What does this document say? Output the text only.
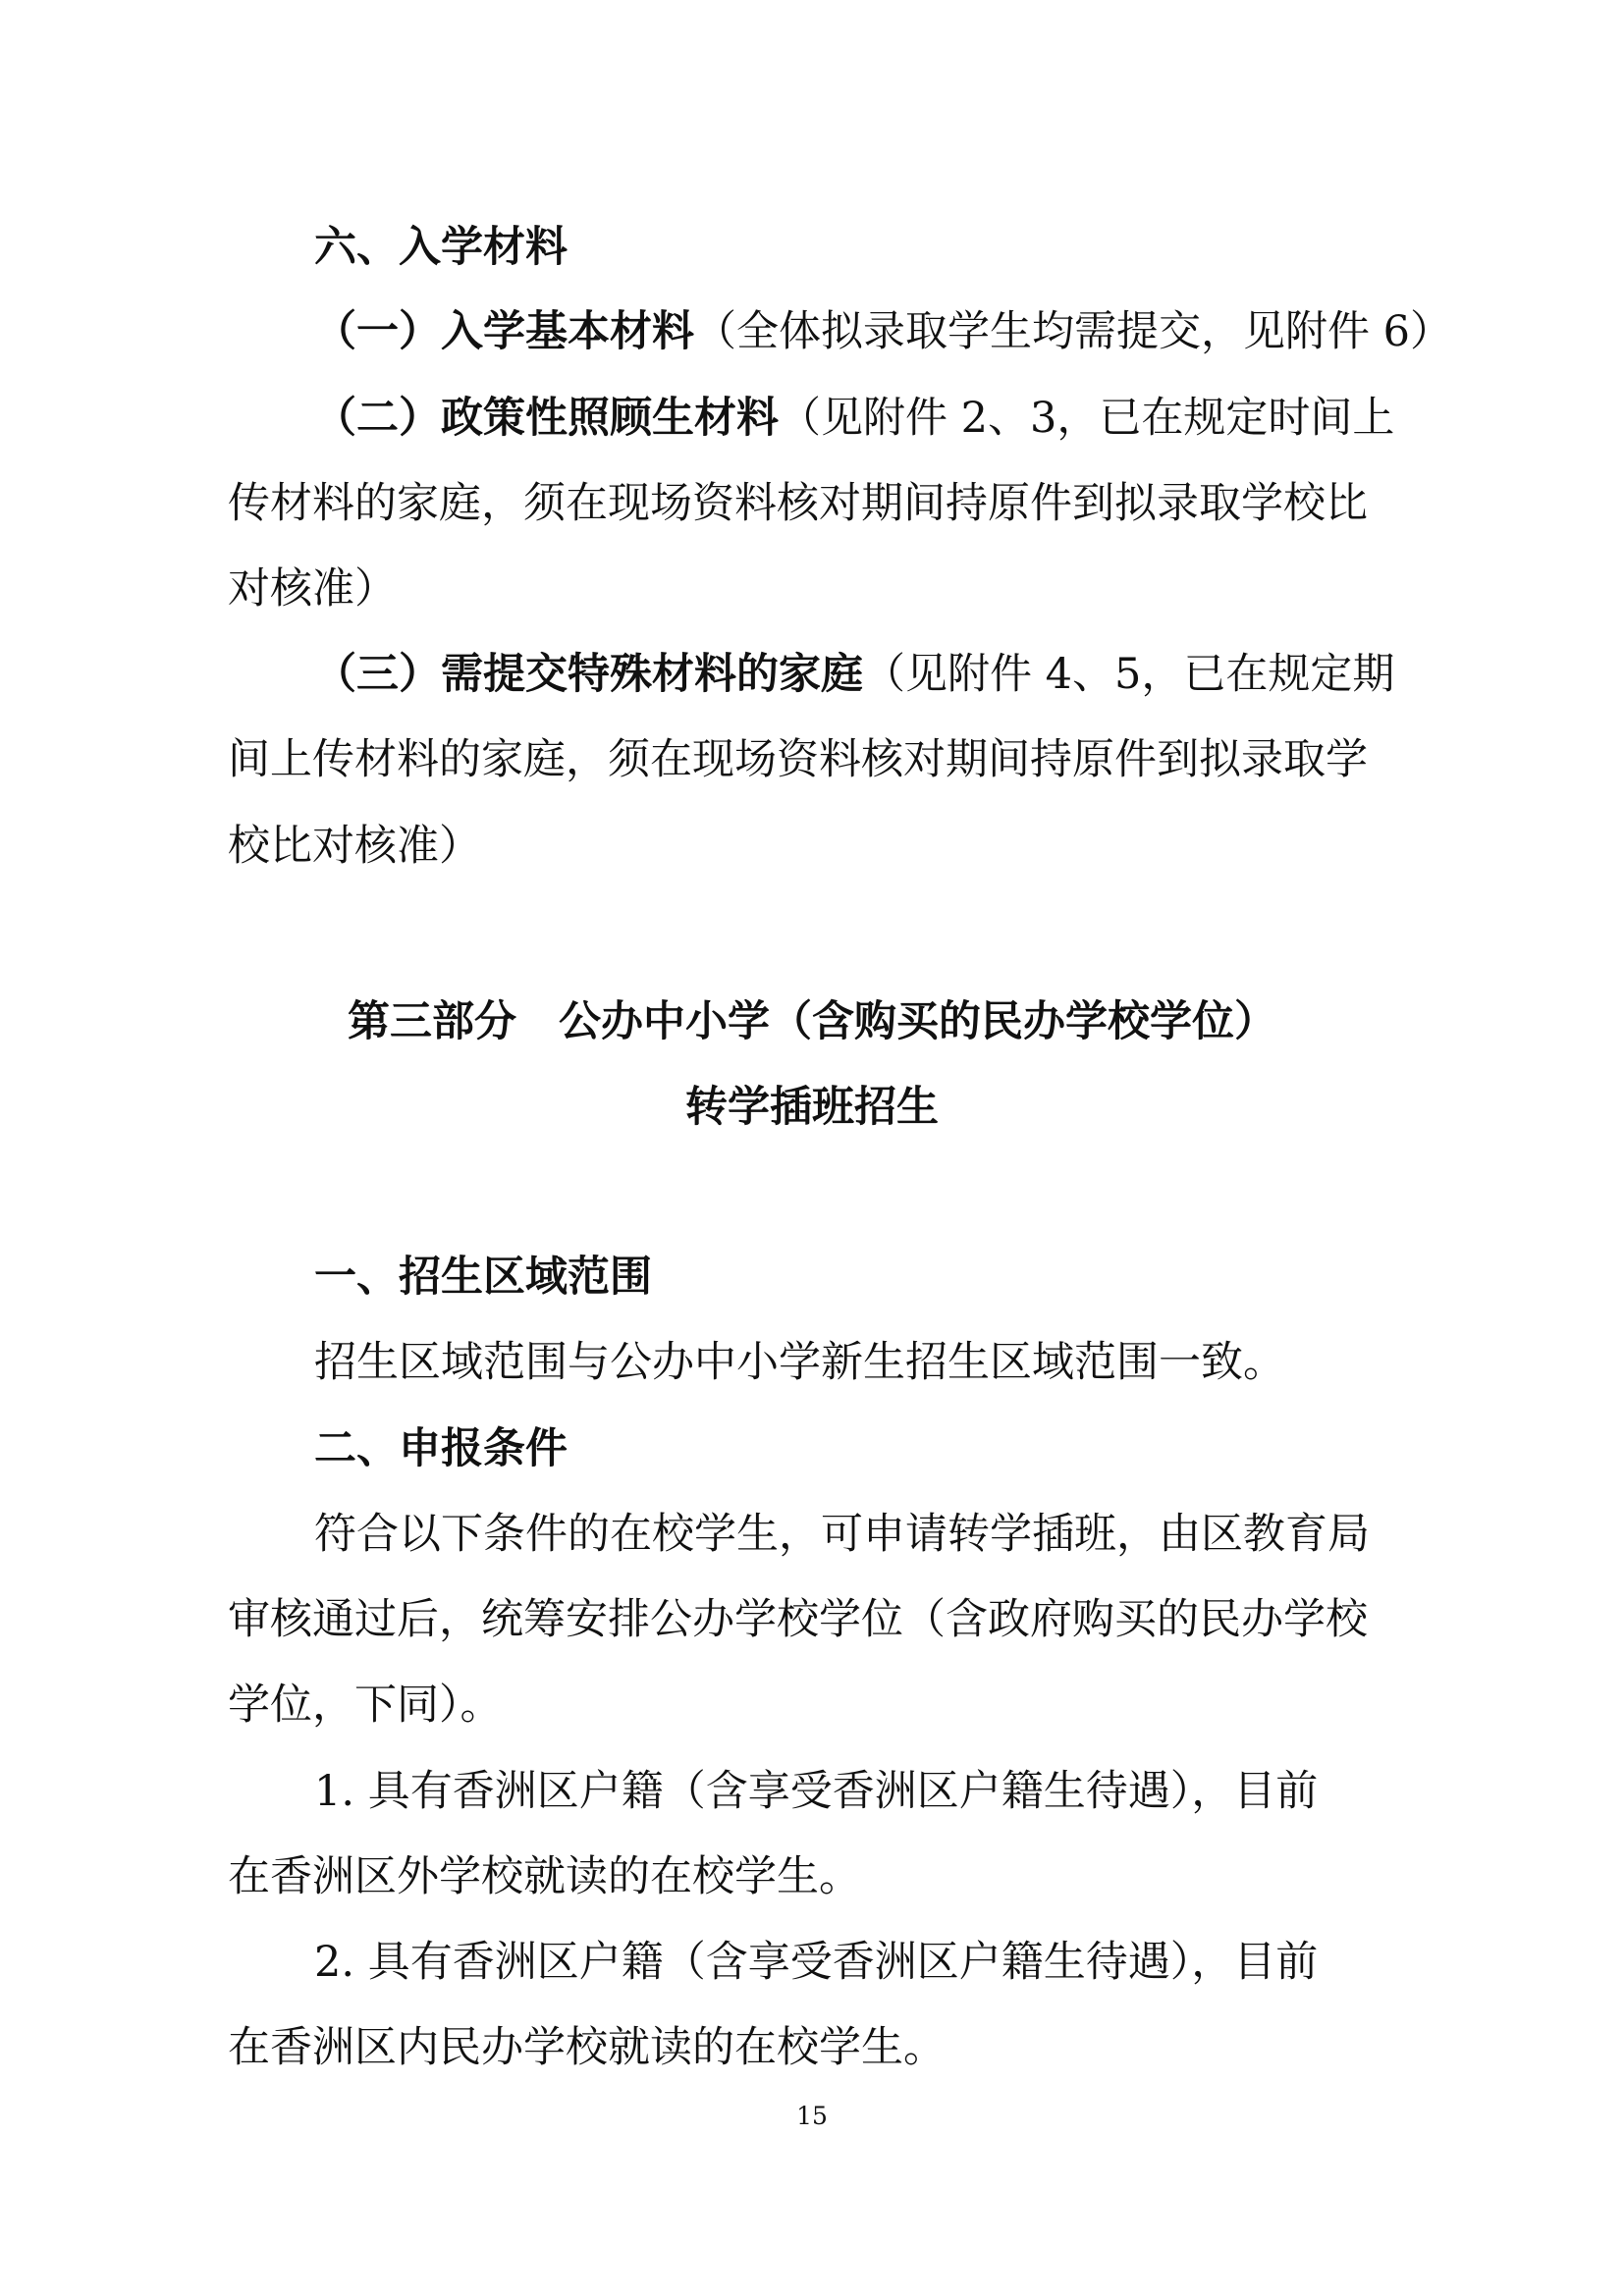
六、入学材料
（一）入学基本材料（全体拟录取学生均需提交，见附件 6）
（二）政策性照顾生材料（见附件 2、3，已在规定时间上
传材料的家庭，须在现场资料核对期间持原件到拟录取学校比
对核准）
（三）需提交特殊材料的家庭（见附件 4、5，已在规定期
间上传材料的家庭，须在现场资料核对期间持原件到拟录取学
校比对核准）
第三部分　公办中小学（含购买的民办学校学位）
转学插班招生
一、招生区域范围
招生区域范围与公办中小学新生招生区域范围一致。
二、申报条件
符合以下条件的在校学生，可申请转学插班，由区教育局
审核通过后，统筹安排公办学校学位（含政府购买的民办学校
学位，下同）。
1. 具有香洲区户籍（含享受香洲区户籍生待遇），目前
在香洲区外学校就读的在校学生。
2. 具有香洲区户籍（含享受香洲区户籍生待遇），目前
在香洲区内民办学校就读的在校学生。
15
